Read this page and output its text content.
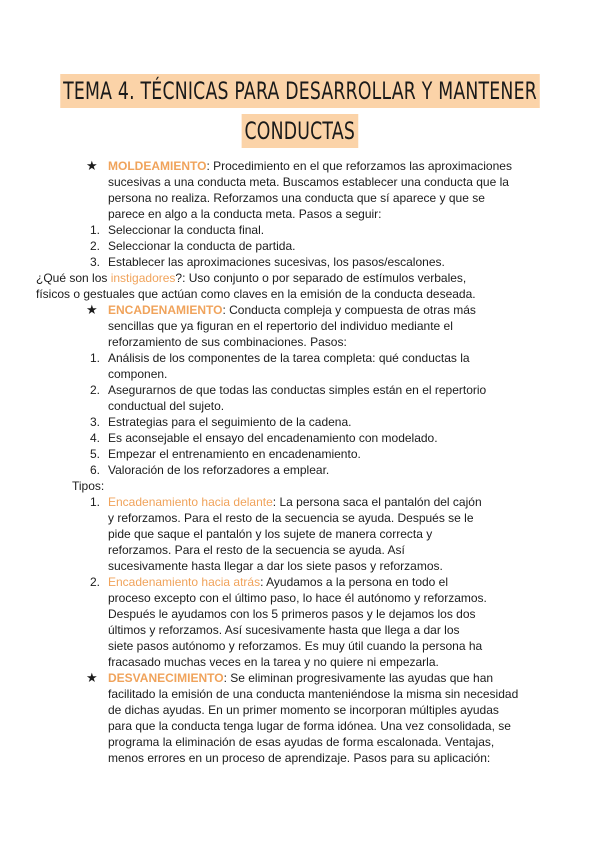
TEMA 4. TÉCNICAS PARA DESARROLLAR Y MANTENER
CONDUCTAS
★ MOLDEAMIENTO: Procedimiento en el que reforzamos las aproximaciones
sucesivas a una conducta meta. Buscamos establecer una conducta que la
persona no realiza. Reforzamos una conducta que sí aparece y que se
parece en algo a la conducta meta. Pasos a seguir:
1. Seleccionar la conducta final.
2. Seleccionar la conducta de partida.
3. Establecer las aproximaciones sucesivas, los pasos/escalones.
¿Qué son los instigadores?: Uso conjunto o por separado de estímulos verbales,
físicos o gestuales que actúan como claves en la emisión de la conducta deseada.
★ ENCADENAMIENTO: Conducta compleja y compuesta de otras más
sencillas que ya figuran en el repertorio del individuo mediante el
reforzamiento de sus combinaciones. Pasos:
1. Análisis de los componentes de la tarea completa: qué conductas la
componen.
2. Asegurarnos de que todas las conductas simples están en el repertorio
conductual del sujeto.
3. Estrategias para el seguimiento de la cadena.
4. Es aconsejable el ensayo del encadenamiento con modelado.
5. Empezar el entrenamiento en encadenamiento.
6. Valoración de los reforzadores a emplear.
Tipos:
1. Encadenamiento hacia delante: La persona saca el pantalón del cajón
y reforzamos. Para el resto de la secuencia se ayuda. Después se le
pide que saque el pantalón y los sujete de manera correcta y
reforzamos. Para el resto de la secuencia se ayuda. Así
sucesivamente hasta llegar a dar los siete pasos y reforzamos.
2. Encadenamiento hacia atrás: Ayudamos a la persona en todo el
proceso excepto con el último paso, lo hace él autónomo y reforzamos.
Después le ayudamos con los 5 primeros pasos y le dejamos los dos
últimos y reforzamos. Así sucesivamente hasta que llega a dar los
siete pasos autónomo y reforzamos. Es muy útil cuando la persona ha
fracasado muchas veces en la tarea y no quiere ni empezarla.
★ DESVANECIMIENTO: Se eliminan progresivamente las ayudas que han
facilitado la emisión de una conducta manteniéndose la misma sin necesidad
de dichas ayudas. En un primer momento se incorporan múltiples ayudas
para que la conducta tenga lugar de forma idónea. Una vez consolidada, se
programa la eliminación de esas ayudas de forma escalonada. Ventajas,
menos errores en un proceso de aprendizaje. Pasos para su aplicación:
